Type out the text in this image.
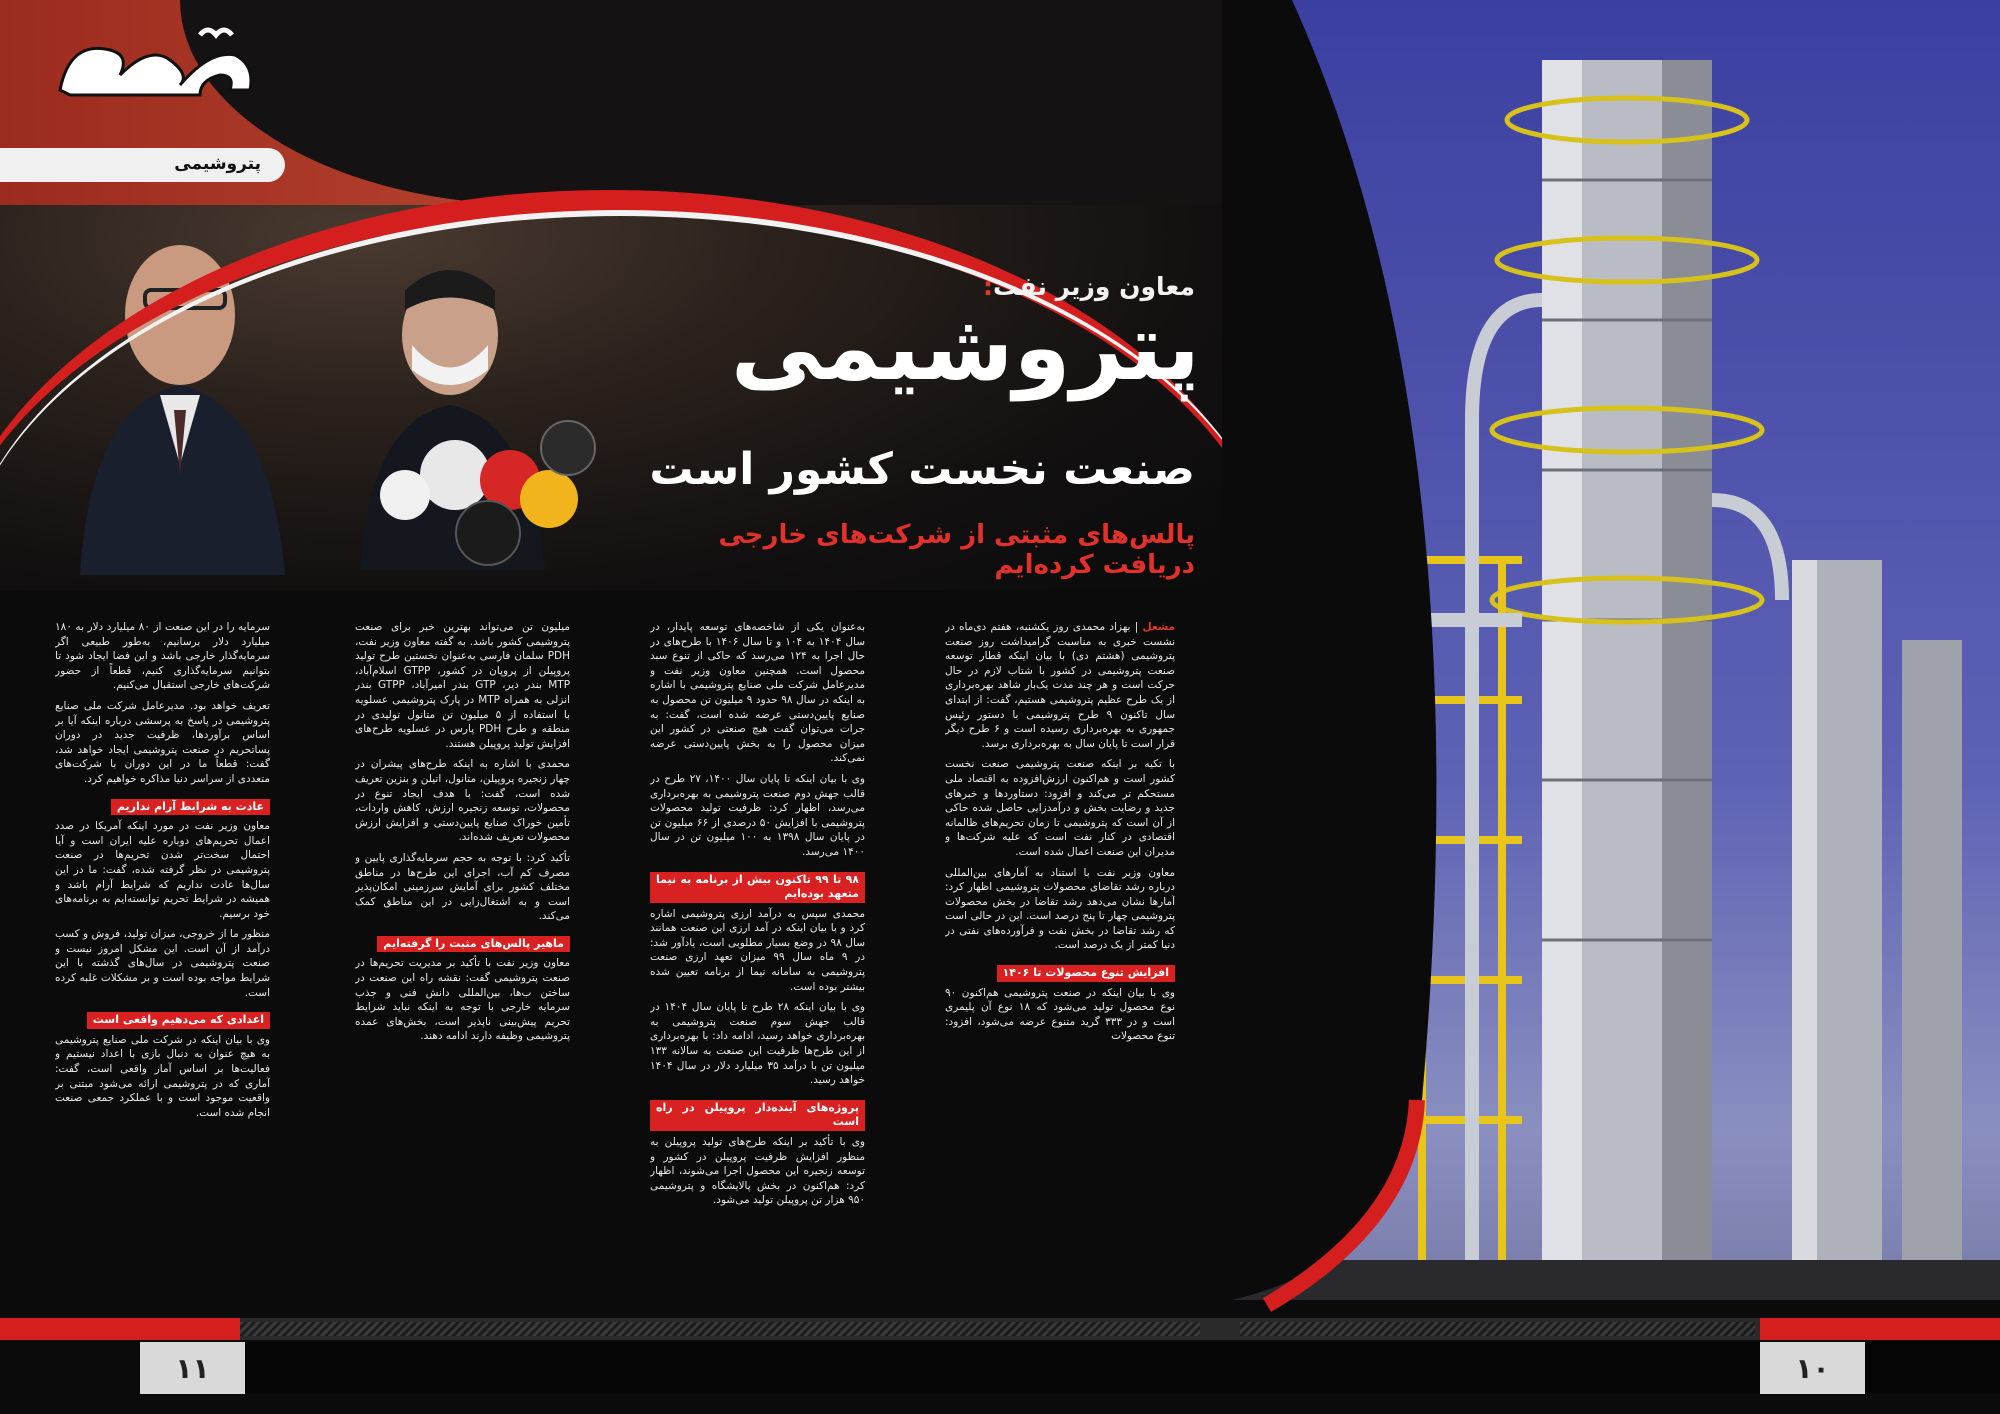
پتروشیمی
:معاون وزیر نفت
پتروشیمی
صنعت نخست کشور است
پالس‌های مثبتی از شرکت‌های خارجی دریافت کرده‌ایم

سرمایه را در این صنعت از ۸۰ میلیارد دلار به ۱۸۰ میلیارد دلار برسانیم، به‌طور طبیعی اگر سرمایه‌گذار خارجی باشد و این فضا ایجاد شود تا بتوانیم سرمایه‌گذاری کنیم، قطعاً از حضور شرکت‌های خارجی استقبال می‌کنیم.

تعریف خواهد بود. مدیرعامل شرکت ملی صنایع پتروشیمی در پاسخ به پرسشی درباره اینکه آیا بر اساس برآوردها، ظرفیت جدید در دوران پساتحریم در صنعت پتروشیمی ایجاد خواهد شد، گفت: قطعاً ما در این دوران با شرکت‌های متعددی از سراسر دنیا مذاکره خواهیم کرد.

عادت به شرایط آرام نداریم

معاون وزیر نفت در مورد اینکه آمریکا در صدد اعمال تحریم‌های دوباره علیه ایران است و آیا احتمال سخت‌تر شدن تحریم‌ها در صنعت پتروشیمی در نظر گرفته شده، گفت: ما در این سال‌ها عادت نداریم که شرایط آرام باشد و همیشه در شرایط تحریم توانسته‌ایم به برنامه‌های خود برسیم.

منظور ما از خروجی، میزان تولید، فروش و کسب درآمد از آن است. این مشکل امروز نیست و صنعت پتروشیمی در سال‌های گذشته با این شرایط مواجه بوده است و بر مشکلات غلبه کرده است.

اعدادی که می‌دهیم واقعی است

وی با بیان اینکه در شرکت ملی صنایع پتروشیمی به هیچ عنوان به دنبال بازی با اعداد نیستیم و فعالیت‌ها بر اساس آمار واقعی است، گفت: آماری که در پتروشیمی ارائه می‌شود مبتنی بر واقعیت موجود است و با عملکرد جمعی صنعت انجام شده است.

میلیون تن می‌تواند بهترین خبر برای صنعت پتروشیمی کشور باشد. به گفته معاون وزیر نفت، PDH سلمان فارسی به‌عنوان نخستین طرح تولید پروپیلن از پروپان در کشور، GTPP اسلام‌آباد، MTP بندر دیر، GTP بندر امیرآباد، GTPP بندر انزلی به همراه MTP در پارک پتروشیمی عسلویه با استفاده از ۵ میلیون تن متانول تولیدی در منطقه و طرح PDH پارس در عسلویه طرح‌های افزایش تولید پروپیلن هستند.

محمدی با اشاره به اینکه طرح‌های پیشران در چهار زنجیره پروپیلن، متانول، اتیلن و بنزین تعریف شده است، گفت: با هدف ایجاد تنوع در محصولات، توسعه زنجیره ارزش، کاهش واردات، تأمین خوراک صنایع پایین‌دستی و افزایش ارزش محصولات تعریف شده‌اند.

تأکید کرد: با توجه به حجم سرمایه‌گذاری پایین و مصرف کم آب، اجرای این طرح‌ها در مناطق مختلف کشور برای آمایش سرزمینی امکان‌پذیر است و به اشتغال‌زایی در این مناطق کمک می‌کند.

ماهیر پالس‌های مثبت را گرفته‌ایم

معاون وزیر نفت با تأکید بر مدیریت تحریم‌ها در صنعت پتروشیمی گفت: نقشه راه این صنعت در ساختن ب‌ها، بین‌المللی دانش فنی و جذب سرمایه خارجی با توجه به اینکه نباید شرایط تحریم پیش‌بینی ناپذیر است، بخش‌های عمده پتروشیمی وظیفه دارند ادامه دهند.

به‌عنوان یکی از شاخصه‌های توسعه پایدار، در سال ۱۴۰۴ به ۱۰۴ و تا سال ۱۴۰۶ با طرح‌های در حال اجرا به ۱۲۴ می‌رسد که حاکی از تنوع سبد محصول است. همچنین معاون وزیر نفت و مدیرعامل شرکت ملی صنایع پتروشیمی با اشاره به اینکه در سال ۹۸ حدود ۹ میلیون تن محصول به صنایع پایین‌دستی عرضه شده است، گفت: به جرات می‌توان گفت هیچ صنعتی در کشور این میزان محصول را به بخش پایین‌دستی عرضه نمی‌کند.

وی با بیان اینکه تا پایان سال ۱۴۰۰، ۲۷ طرح در قالب جهش دوم صنعت پتروشیمی به بهره‌برداری می‌رسد، اظهار کرد: ظرفیت تولید محصولات پتروشیمی با افزایش ۵۰ درصدی از ۶۶ میلیون تن در پایان سال ۱۳۹۸ به ۱۰۰ میلیون تن در سال ۱۴۰۰ می‌رسد.

۹۸ تا ۹۹ تاکنون بیش از برنامه به نیما متعهد بوده‌ایم

محمدی سپس به درآمد ارزی پتروشیمی اشاره کرد و با بیان اینکه در آمد ارزی این صنعت همانند سال ۹۸ در وضع بسیار مطلوبی است، یادآور شد: در ۹ ماه سال ۹۹ میزان تعهد ارزی صنعت پتروشیمی به سامانه نیما از برنامه تعیین شده بیشتر بوده است.

وی با بیان اینکه ۲۸ طرح تا پایان سال ۱۴۰۴ در قالب جهش سوم صنعت پتروشیمی به بهره‌برداری خواهد رسید، ادامه داد: با بهره‌برداری از این طرح‌ها ظرفیت این صنعت به سالانه ۱۳۳ میلیون تن با درآمد ۳۵ میلیارد دلار در سال ۱۴۰۴ خواهد رسید.

پروژه‌های آینده‌دار پروپیلن در راه است

وی با تأکید بر اینکه طرح‌های تولید پروپیلن به منظور افزایش ظرفیت پروپیلن در کشور و توسعه زنجیره این محصول اجرا می‌شوند، اظهار کرد: هم‌اکنون در بخش پالایشگاه و پتروشیمی ۹۵۰ هزار تن پروپیلن تولید می‌شود.

مشعل | بهزاد محمدی روز یکشنبه، هفتم دی‌ماه در نشست خبری به مناسبت گرامیداشت روز صنعت پتروشیمی (هشتم دی) با بیان اینکه قطار توسعه صنعت پتروشیمی در کشور با شتاب لازم در حال حرکت است و هر چند مدت یک‌بار شاهد بهره‌برداری از یک طرح عظیم پتروشیمی هستیم، گفت: از ابتدای سال تاکنون ۹ طرح پتروشیمی با دستور رئیس جمهوری به بهره‌برداری رسیده است و ۶ طرح دیگر قرار است تا پایان سال به بهره‌برداری برسد.

با تکیه بر اینکه صنعت پتروشیمی صنعت نخست کشور است و هم‌اکنون ارزش‌افزوده به اقتصاد ملی مستحکم تر می‌کند و افزود: دستاوردها و خبرهای جدید و رضایت بخش و درآمدزایی حاصل شده حاکی از آن است که پتروشیمی تا زمان تحریم‌های ظالمانه اقتصادی در کنار نفت است که علیه شرکت‌ها و مدیران این صنعت اعمال شده است.

معاون وزیر نفت با استناد به آمارهای بین‌المللی درباره رشد تقاضای محصولات پتروشیمی اظهار کرد: آمارها نشان می‌دهد رشد تقاضا در بخش محصولات پتروشیمی چهار تا پنج درصد است. این در حالی است که رشد تقاضا در بخش نفت و فرآورده‌های نفتی در دنیا کمتر از یک درصد است.

افزایش تنوع محصولات تا ۱۴۰۶

وی با بیان اینکه در صنعت پتروشیمی هم‌اکنون ۹۰ نوع محصول تولید می‌شود که ۱۸ نوع آن پلیمری است و در ۳۳۳ گرید متنوع عرضه می‌شود، افزود: تنوع محصولات

۱۱	۱۰
